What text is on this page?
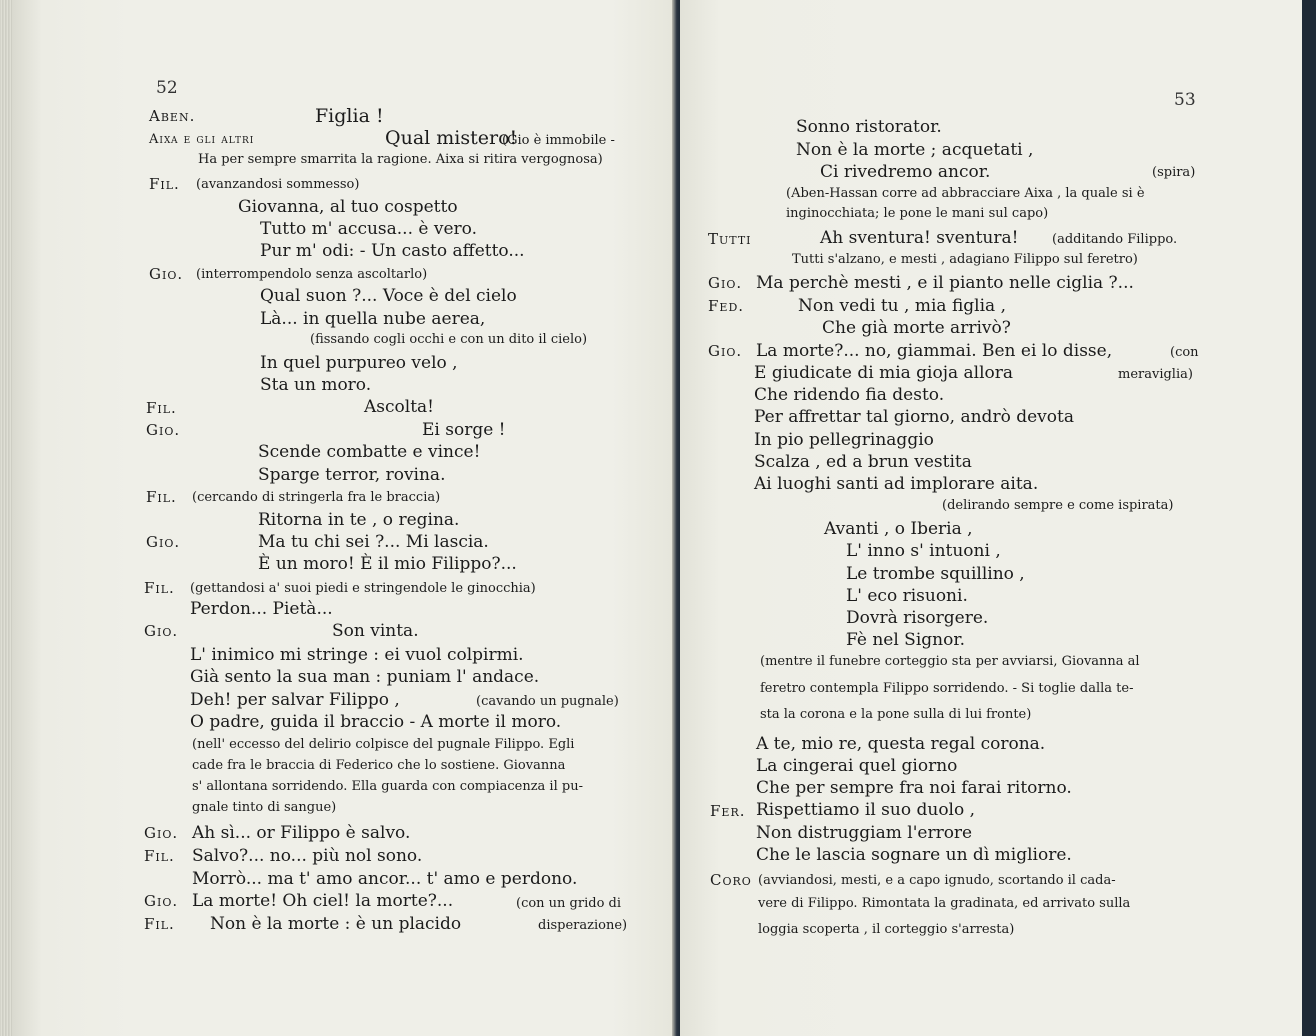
52
Aben.	Figlia !
Aixa e gli altri	Qual mistero!
(Gio è immobile -
Ha per sempre smarrita la ragione. Aixa si ritira vergognosa)
Fil. (avanzandosi sommesso)
Giovanna, al tuo cospetto
Tutto m' accusa... è vero.
Pur m' odi: - Un casto affetto...
Gio. (interrompendolo senza ascoltarlo)
Qual suon ?... Voce è del cielo
Là... in quella nube aerea,
(fissando cogli occhi e con un dito il cielo)
In quel purpureo velo ,
Sta un moro.
Fil.	Ascolta!
Gio.	Ei sorge !
Scende combatte e vince!
Sparge terror, rovina.
Fil. (cercando di stringerla fra le braccia)
Ritorna in te , o regina.
Gio.	Ma tu chi sei ?... Mi lascia.
È un moro! È il mio Filippo?...
Fil. (gettandosi a' suoi piedi e stringendole le ginocchia)
Perdon... Pietà...
Gio.	Son vinta.
L' inimico mi stringe : ei vuol colpirmi.
Già sento la sua man : puniam l' andace.
Deh! per salvar Filippo ,	(cavando un pugnale)
O padre, guida il braccio - A morte il moro.
(nell' eccesso del delirio colpisce del pugnale Filippo. Egli
cade fra le braccia di Federico che lo sostiene. Giovanna
s' allontana sorridendo. Ella guarda con compiacenza il pu-
gnale tinto di sangue)
Gio. Ah sì... or Filippo è salvo.
Fil. Salvo?... no... più nol sono.
Morrò... ma t' amo ancor... t' amo e perdono.
Gio. La morte! Oh ciel! la morte?...	(con un grido di
Fil. Non è la morte : è un placido	disperazione)
53
Sonno ristorator.
Non è la morte ; acquetati ,
Ci rivedremo ancor.	(spira)
(Aben-Hassan corre ad abbracciare Aixa , la quale si è
inginocchiata; le pone le mani sul capo)
Tutti	Ah sventura! sventura!	(additando Filippo.
Tutti s'alzano, e mesti , adagiano Filippo sul feretro)
Gio. Ma perchè mesti , e il pianto nelle ciglia ?...
Fed.	Non vedi tu , mia figlia ,
Che già morte arrivò?
Gio. La morte?... no, giammai. Ben ei lo disse,	(con
E giudicate di mia gioja allora	meraviglia)
Che ridendo fia desto.
Per affrettar tal giorno, andrò devota
In pio pellegrinaggio
Scalza , ed a brun vestita
Ai luoghi santi ad implorare aita.
(delirando sempre e come ispirata)
Avanti , o Iberia ,
L' inno s' intuoni ,
Le trombe squillino ,
L' eco risuoni.
Dovrà risorgere.
Fè nel Signor.
(mentre il funebre corteggio sta per avviarsi, Giovanna al
feretro contempla Filippo sorridendo. - Si toglie dalla te-
sta la corona e la pone sulla di lui fronte)
A te, mio re, questa regal corona.
La cingerai quel giorno
Che per sempre fra noi farai ritorno.
Fer. Rispettiamo il suo duolo ,
Non distruggiam l'errore
Che le lascia sognare un dì migliore.
Coro (avviandosi, mesti, e a capo ignudo, scortando il cada-
vere di Filippo. Rimontata la gradinata, ed arrivato sulla
loggia scoperta , il corteggio s'arresta)
